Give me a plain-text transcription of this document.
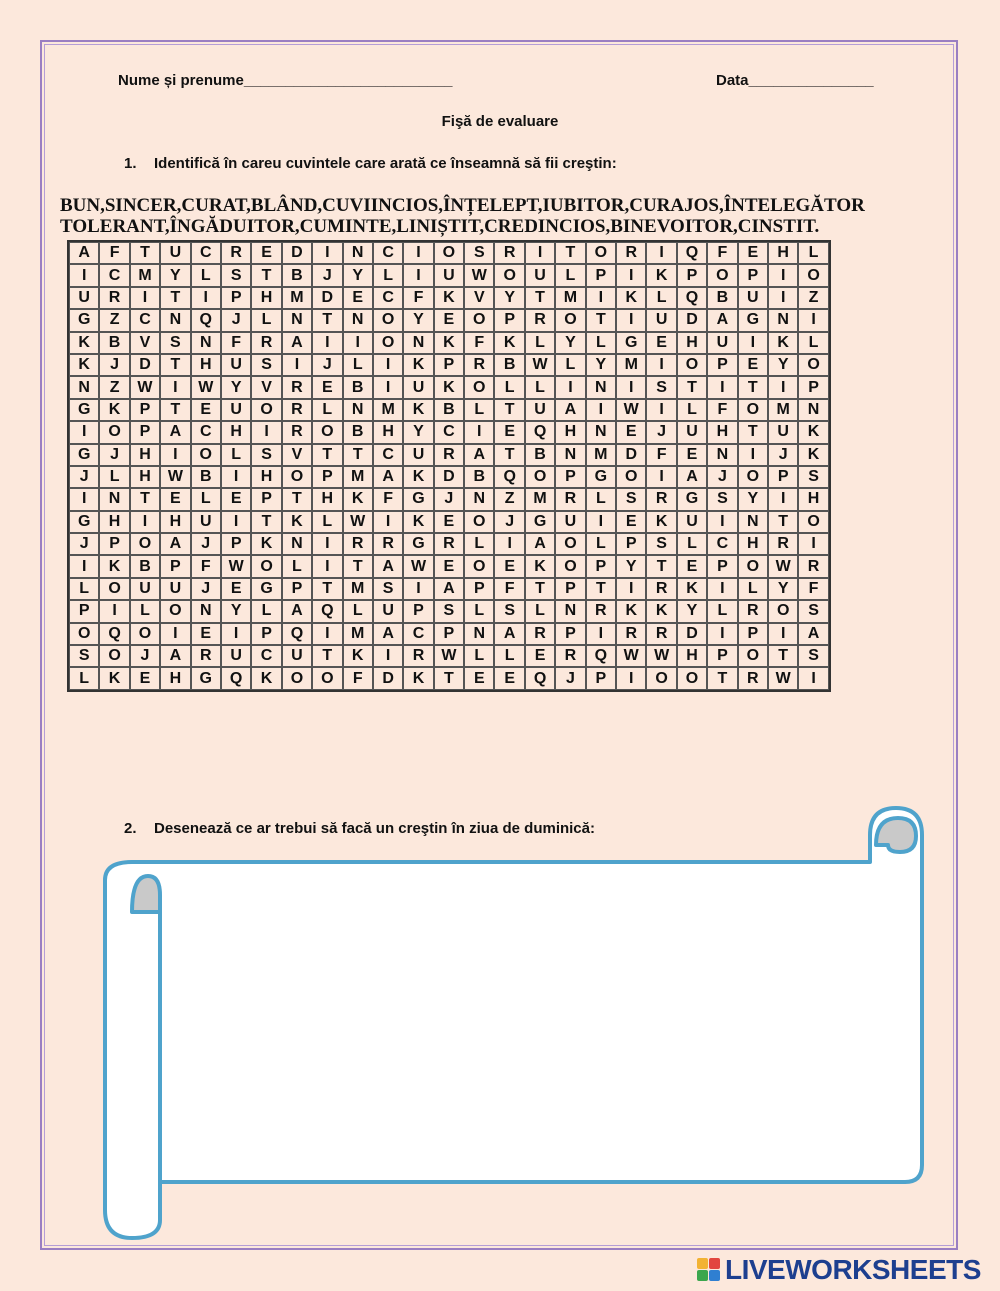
Nume și prenume_________________________	Data_______________
Fişă de evaluare
1. Identifică în careu cuvintele care arată ce înseamnă să fii creştin:
BUN,SINCER,CURAT,BLÂND,CUVIINCIOS,ÎNȚELEPT,IUBITOR,CURAJOS,ÎNTELEGĂTOR
TOLERANT,ÎNGĂDUITOR,CUMINTE,LINIȘTIT,CREDINCIOS,BINEVOITOR,CINSTIT.
A	F	T	U	C	R	E	D	I	N	C	I	O	S	R	I	T	O	R	I	Q	F	E	H	L
I	C	M	Y	L	S	T	B	J	Y	L	I	U	W	O	U	L	P	I	K	P	O	P	I	O
U	R	I	T	I	P	H	M	D	E	C	F	K	V	Y	T	M	I	K	L	Q	B	U	I	Z
G	Z	C	N	Q	J	L	N	T	N	O	Y	E	O	P	R	O	T	I	U	D	A	G	N	I
K	B	V	S	N	F	R	A	I	I	O	N	K	F	K	L	Y	L	G	E	H	U	I	K	L
K	J	D	T	H	U	S	I	J	L	I	K	P	R	B	W	L	Y	M	I	O	P	E	Y	O
N	Z	W	I	W	Y	V	R	E	B	I	U	K	O	L	L	I	N	I	S	T	I	T	I	P
G	K	P	T	E	U	O	R	L	N	M	K	B	L	T	U	A	I	W	I	L	F	O	M	N
I	O	P	A	C	H	I	R	O	B	H	Y	C	I	E	Q	H	N	E	J	U	H	T	U	K
G	J	H	I	O	L	S	V	T	T	C	U	R	A	T	B	N	M	D	F	E	N	I	J	K
J	L	H	W	B	I	H	O	P	M	A	K	D	B	Q	O	P	G	O	I	A	J	O	P	S
I	N	T	E	L	E	P	T	H	K	F	G	J	N	Z	M	R	L	S	R	G	S	Y	I	H
G	H	I	H	U	I	T	K	L	W	I	K	E	O	J	G	U	I	E	K	U	I	N	T	O
J	P	O	A	J	P	K	N	I	R	R	G	R	L	I	A	O	L	P	S	L	C	H	R	I
I	K	B	P	F	W	O	L	I	T	A	W	E	O	E	K	O	P	Y	T	E	P	O	W	R
L	O	U	U	J	E	G	P	T	M	S	I	A	P	F	T	P	T	I	R	K	I	L	Y	F
P	I	L	O	N	Y	L	A	Q	L	U	P	S	L	S	L	N	R	K	K	Y	L	R	O	S
O	Q	O	I	E	I	P	Q	I	M	A	C	P	N	A	R	P	I	R	R	D	I	P	I	A
S	O	J	A	R	U	C	U	T	K	I	R	W	L	L	E	R	Q	W	W	H	P	O	T	S
L	K	E	H	G	Q	K	O	O	F	D	K	T	E	E	Q	J	P	I	O	O	T	R	W	I
2. Desenează ce ar trebui să facă un creştin în ziua de duminică:
LIVEWORKSHEETS
